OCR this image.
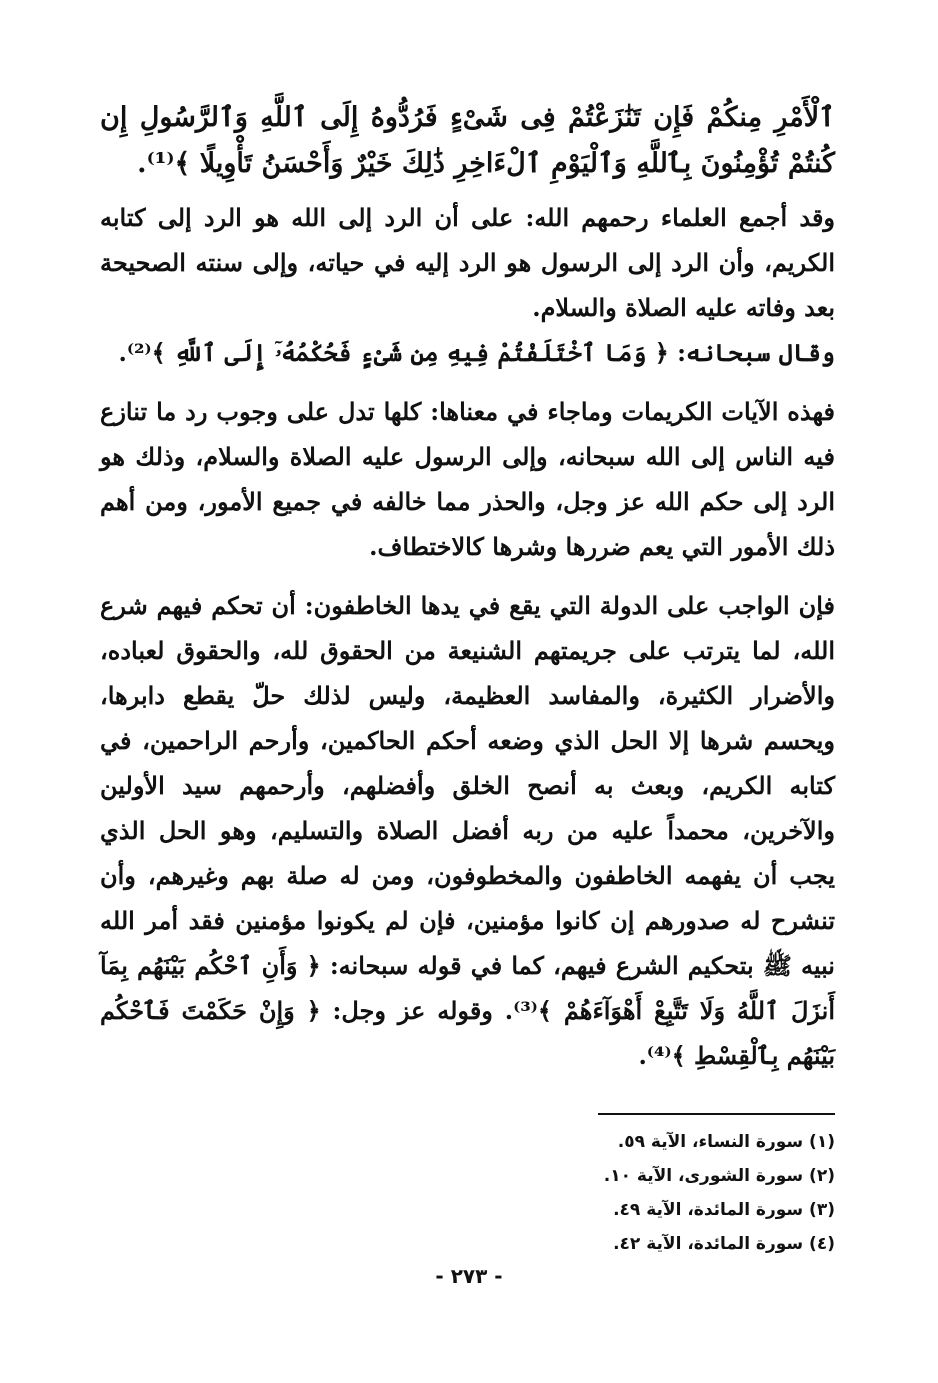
ٱلْأَمْرِ مِنكُمْ فَإِن تَنَٰزَعْتُمْ فِى شَىْءٍ فَرُدُّوهُ إِلَى ٱللَّهِ وَٱلرَّسُولِ إِن كُنتُمْ تُؤْمِنُونَ بِٱللَّهِ وَٱلْيَوْمِ ٱلْءَاخِرِ ذَٰلِكَ خَيْرٌ وَأَحْسَنُ تَأْوِيلًا ﴾⁽¹⁾.

وقد أجمع العلماء رحمهم الله: على أن الرد إلى الله هو الرد إلى كتابه الكريم، وأن الرد إلى الرسول هو الرد إليه في حياته، وإلى سنته الصحيحة بعد وفاته عليه الصلاة والسلام.

وقال سبحانه: ﴿ وَمَا ٱخْتَلَفْتُمْ فِيهِ مِن شَىْءٍ فَحُكْمُهُۥٓ إِلَى ٱللَّهِ ﴾⁽²⁾.

فهذه الآيات الكريمات وماجاء في معناها: كلها تدل على وجوب رد ما تنازع فيه الناس إلى الله سبحانه، وإلى الرسول عليه الصلاة والسلام، وذلك هو الرد إلى حكم الله عز وجل، والحذر مما خالفه في جميع الأمور، ومن أهم ذلك الأمور التي يعم ضررها وشرها كالاختطاف.

فإن الواجب على الدولة التي يقع في يدها الخاطفون: أن تحكم فيهم شرع الله، لما يترتب على جريمتهم الشنيعة من الحقوق لله، والحقوق لعباده، والأضرار الكثيرة، والمفاسد العظيمة، وليس لذلك حلّ يقطع دابرها، ويحسم شرها إلا الحل الذي وضعه أحكم الحاكمين، وأرحم الراحمين، في كتابه الكريم، وبعث به أنصح الخلق وأفضلهم، وأرحمهم سيد الأولين والآخرين، محمداً عليه من ربه أفضل الصلاة والتسليم، وهو الحل الذي يجب أن يفهمه الخاطفون والمخطوفون، ومن له صلة بهم وغيرهم، وأن تنشرح له صدورهم إن كانوا مؤمنين، فإن لم يكونوا مؤمنين فقد أمر الله نبيه ﷺ بتحكيم الشرع فيهم، كما في قوله سبحانه: ﴿ وَأَنِ ٱحْكُم بَيْنَهُم بِمَآ أَنزَلَ ٱللَّهُ وَلَا تَتَّبِعْ أَهْوَآءَهُمْ ﴾⁽³⁾. وقوله عز وجل: ﴿ وَإِنْ حَكَمْتَ فَٱحْكُم بَيْنَهُم بِٱلْقِسْطِ ﴾⁽⁴⁾.

(١) سورة النساء، الآية ٥٩.
(٢) سورة الشورى، الآية ١٠.
(٣) سورة المائدة، الآية ٤٩.
(٤) سورة المائدة، الآية ٤٢.
- ٢٧٣ -
